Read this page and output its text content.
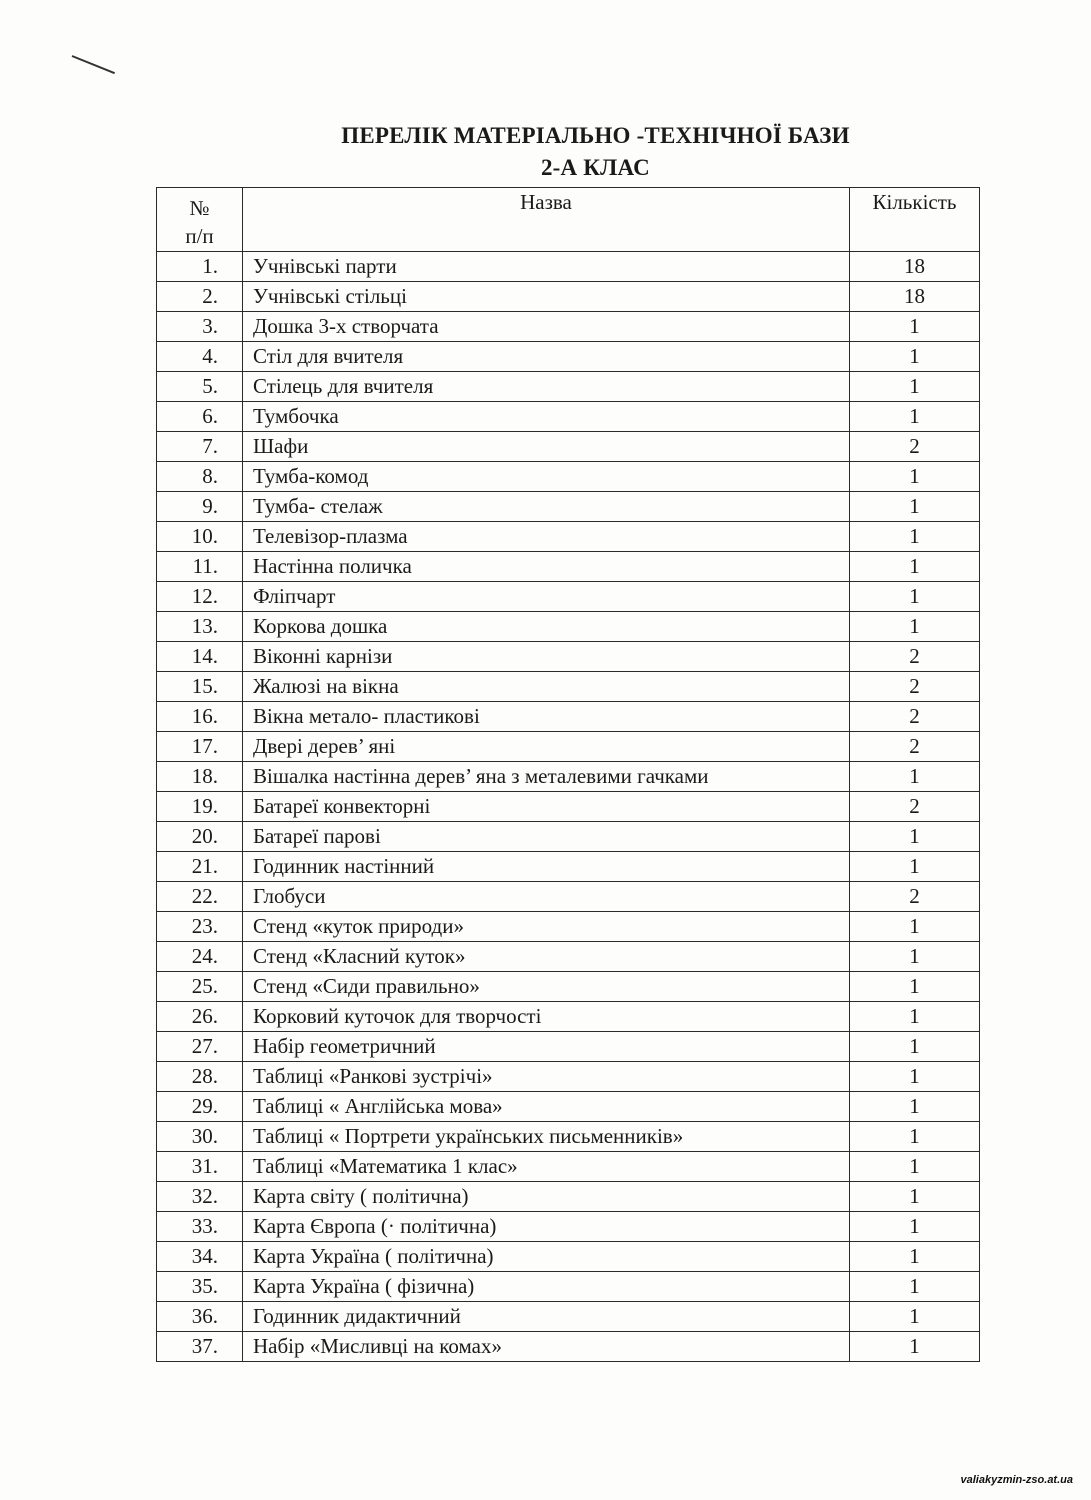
ПЕРЕЛІК МАТЕРІАЛЬНО -ТЕХНІЧНОЇ БАЗИ
2-А КЛАС
№
п/п	Назва	Кількість
1.	Учнівські парти	18
2.	Учнівські стільці	18
3.	Дошка 3-х створчата	1
4.	Стіл для вчителя	1
5.	Стілець для вчителя	1
6.	Тумбочка	1
7.	Шафи	2
8.	Тумба-комод	1
9.	Тумба- стелаж	1
10.	Телевізор-плазма	1
11.	Настінна поличка	1
12.	Фліпчарт	1
13.	Коркова дошка	1
14.	Віконні карнізи	2
15.	Жалюзі на вікна	2
16.	Вікна метало- пластикові	2
17.	Двері дерев’ яні	2
18.	Вішалка настінна дерев’ яна з металевими гачками	1
19.	Батареї конвекторні	2
20.	Батареї парові	1
21.	Годинник настінний	1
22.	Глобуси	2
23.	Стенд «куток природи»	1
24.	Стенд «Класний куток»	1
25.	Стенд «Сиди правильно»	1
26.	Корковий куточок для творчості	1
27.	Набір геометричний	1
28.	Таблиці «Ранкові зустрічі»	1
29.	Таблиці « Англійська мова»	1
30.	Таблиці « Портрети українських письменників»	1
31.	Таблиці «Математика 1 клас»	1
32.	Карта світу ( політична)	1
33.	Карта Європа (· політична)	1
34.	Карта Україна ( політична)	1
35.	Карта Україна ( фізична)	1
36.	Годинник дидактичний	1
37.	Набір «Мисливці на комах»	1
valiakyzmin-zso.at.ua
